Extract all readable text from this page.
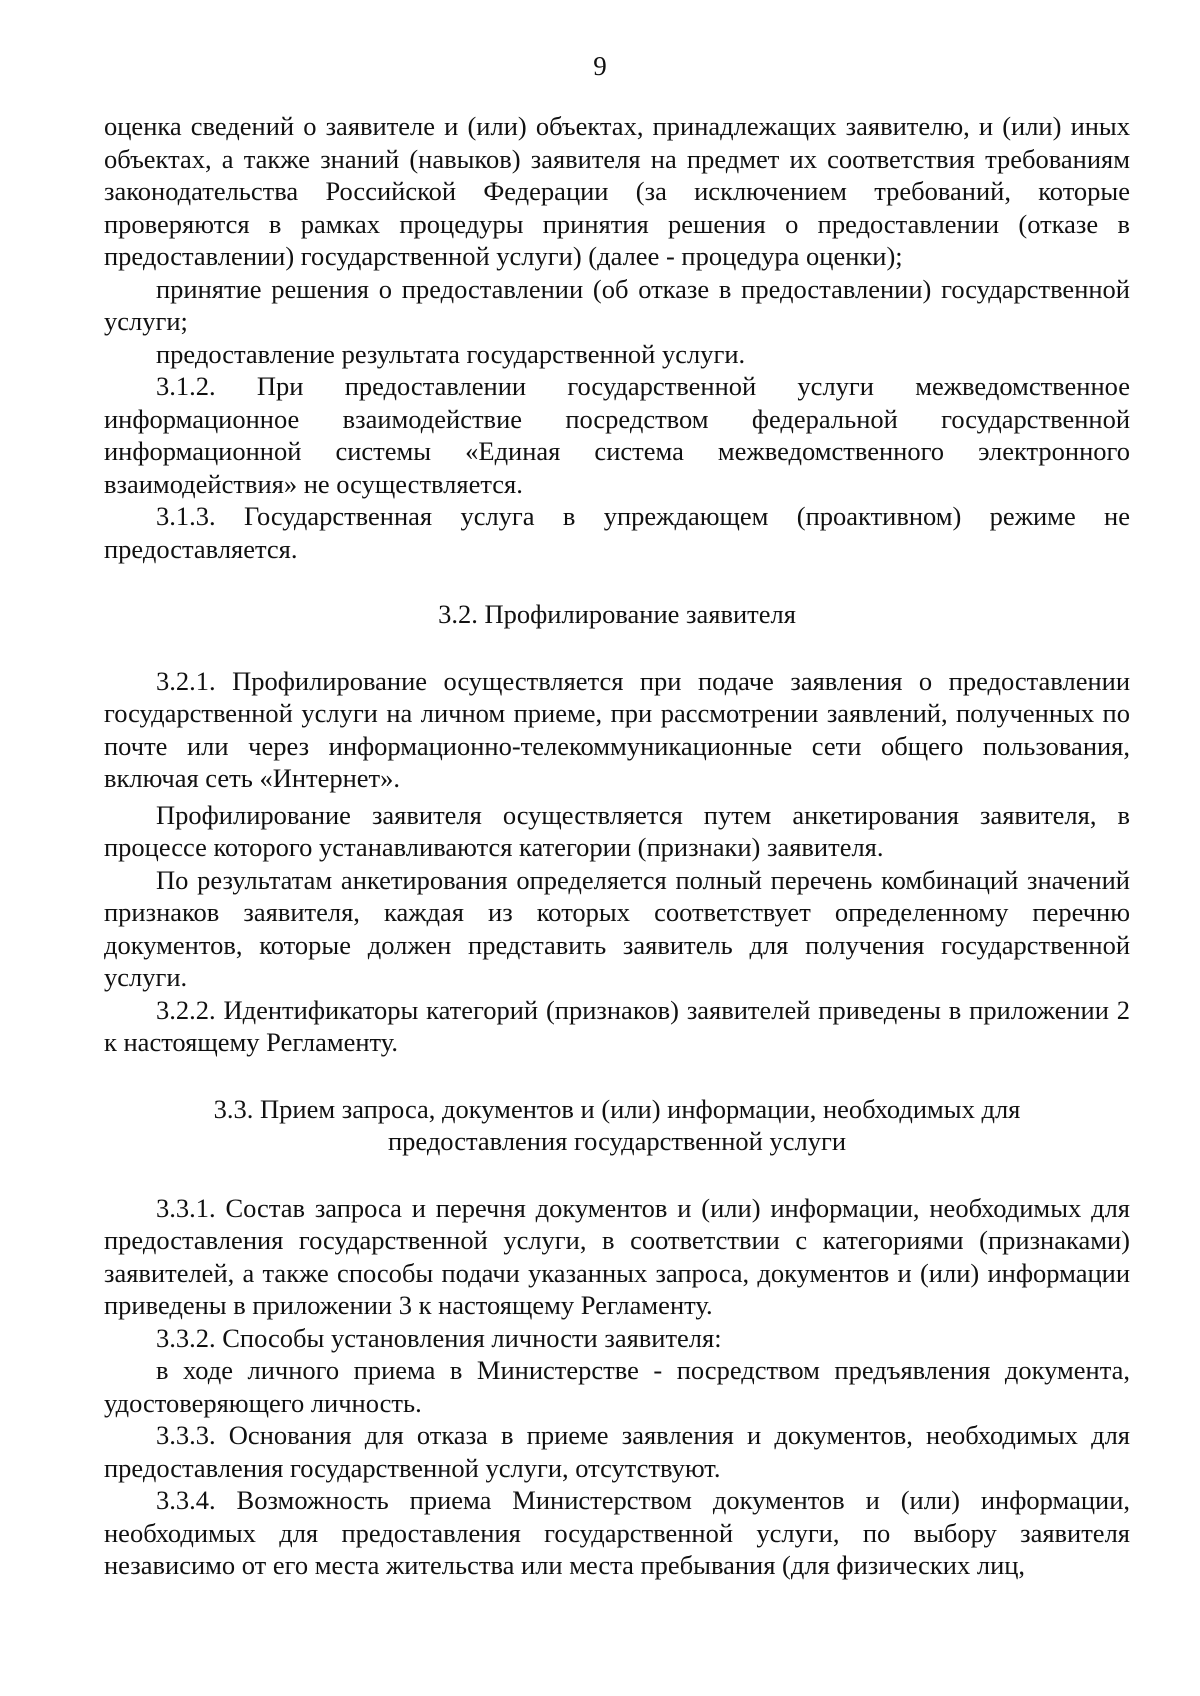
9

оценка сведений о заявителе и (или) объектах, принадлежащих заявителю, и (или) иных объектах, а также знаний (навыков) заявителя на предмет их соответствия требованиям законодательства Российской Федерации (за исключением требований, которые проверяются в рамках процедуры принятия решения о предоставлении (отказе в предоставлении) государственной услуги) (далее - процедура оценки);

принятие решения о предоставлении (об отказе в предоставлении) государственной услуги;

предоставление результата государственной услуги.

3.1.2. При предоставлении государственной услуги межведомственное информационное взаимодействие посредством федеральной государственной информационной системы «Единая система межведомственного электронного взаимодействия» не осуществляется.

3.1.3. Государственная услуга в упреждающем (проактивном) режиме не предоставляется.

3.2. Профилирование заявителя

3.2.1. Профилирование осуществляется при подаче заявления о предоставлении государственной услуги на личном приеме, при рассмотрении заявлений, полученных по почте или через информационно-телекоммуникационные сети общего пользования, включая сеть «Интернет».

Профилирование заявителя осуществляется путем анкетирования заявителя, в процессе которого устанавливаются категории (признаки) заявителя.

По результатам анкетирования определяется полный перечень комбинаций значений признаков заявителя, каждая из которых соответствует определенному перечню документов, которые должен представить заявитель для получения государственной услуги.

3.2.2. Идентификаторы категорий (признаков) заявителей приведены в приложении 2 к настоящему Регламенту.

3.3. Прием запроса, документов и (или) информации, необходимых для

предоставления государственной услуги

3.3.1. Состав запроса и перечня документов и (или) информации, необходимых для предоставления государственной услуги, в соответствии с категориями (признаками) заявителей, а также способы подачи указанных запроса, документов и (или) информации приведены в приложении 3 к настоящему Регламенту.

3.3.2. Способы установления личности заявителя:

в ходе личного приема в Министерстве - посредством предъявления документа, удостоверяющего личность.

3.3.3. Основания для отказа в приеме заявления и документов, необходимых для предоставления государственной услуги, отсутствуют.

3.3.4. Возможность приема Министерством документов и (или) информации, необходимых для предоставления государственной услуги, по выбору заявителя независимо от его места жительства или места пребывания (для физических лиц,
